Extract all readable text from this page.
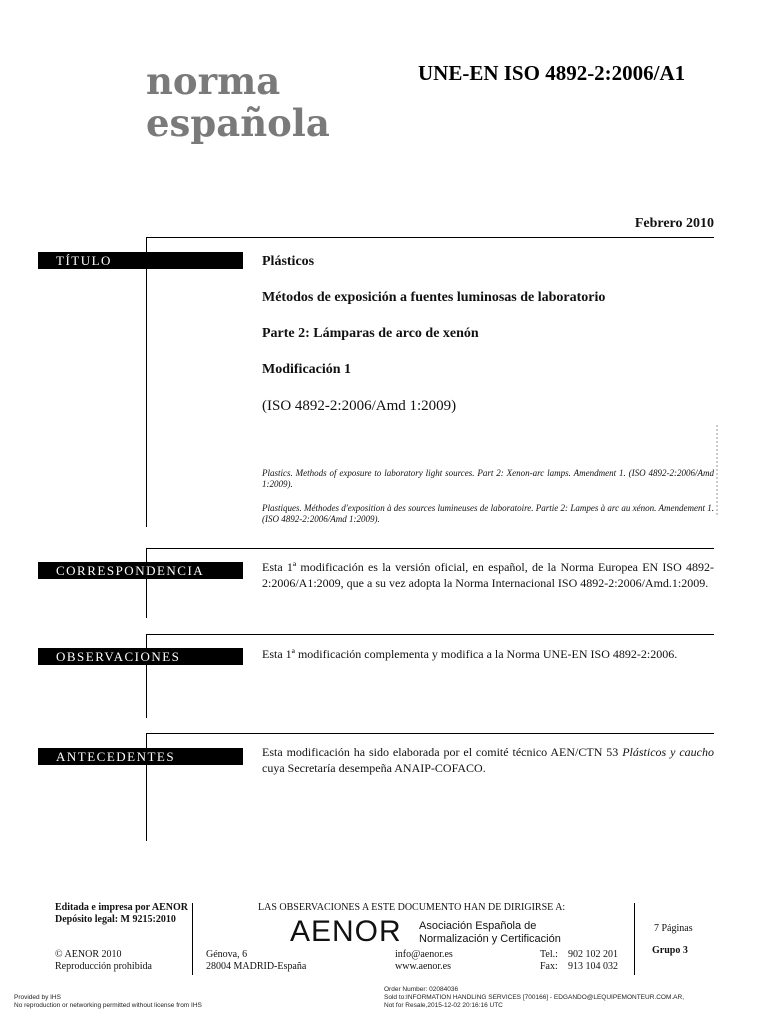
norma
española
UNE-EN ISO 4892-2:2006/A1
Febrero 2010
TÍTULO	Plásticos
Métodos de exposición a fuentes luminosas de laboratorio
Parte 2: Lámparas de arco de xenón
Modificación 1
(ISO 4892-2:2006/Amd 1:2009)
Plastics. Methods of exposure to laboratory light sources. Part 2: Xenon-arc lamps. Amendment 1. (ISO 4892-2:2006/Amd 1:2009).
Plastiques. Méthodes d'exposition à des sources lumineuses de laboratoire. Partie 2: Lampes à arc au xénon. Amendement 1. (ISO 4892-2:2006/Amd 1:2009).
CORRESPONDENCIA	Esta 1ª modificación es la versión oficial, en español, de la Norma Europea EN ISO 4892-2:2006/A1:2009, que a su vez adopta la Norma Internacional ISO 4892-2:2006/Amd.1:2009.
OBSERVACIONES	Esta 1ª modificación complementa y modifica a la Norma UNE-EN ISO 4892-2:2006.
ANTECEDENTES	Esta modificación ha sido elaborada por el comité técnico AEN/CTN 53 Plásticos y caucho cuya Secretaría desempeña ANAIP-COFACO.
Editada e impresa por AENOR
Depósito legal: M 9215:2010
© AENOR 2010
Reproducción prohibida
LAS OBSERVACIONES A ESTE DOCUMENTO HAN DE DIRIGIRSE A:
AENOR Asociación Española de
Normalización y Certificación
Génova, 6
28004 MADRID-España
info@aenor.es
www.aenor.es
Tel.: 902 102 201
Fax: 913 104 032
7 Páginas
Grupo 3
Provided by IHS
No reproduction or networking permitted without license from IHS
Order Number: 02084036
Sold to:INFORMATION HANDLING SERVICES [700166] - EDGANDO@LEQUIPEMONTEUR.COM.AR,
Not for Resale,2015-12-02 20:16:16 UTC
